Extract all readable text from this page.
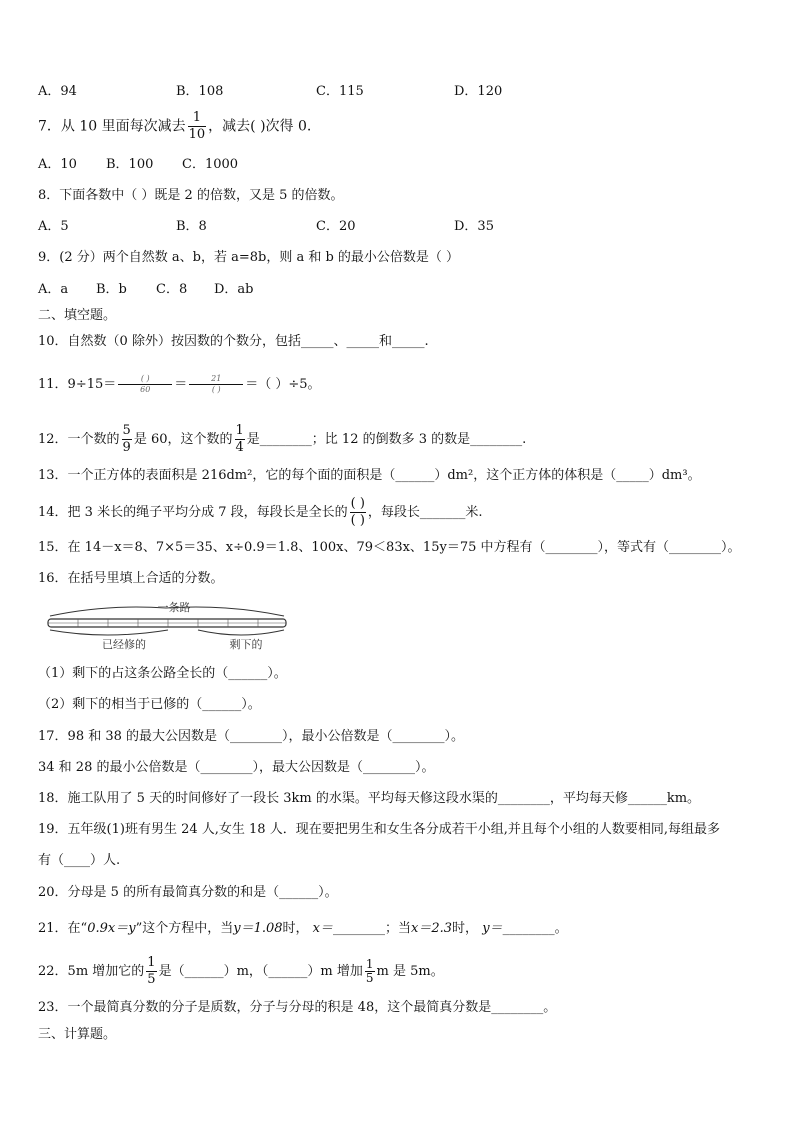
A．94	B．108	C．115	D．120
7．从 10 里面每次减去 $\frac{1}{10}$ ，减去( )次得 0.
A．10 B．100 C．1000
8．下面各数中（ ）既是 2 的倍数，又是 5 的倍数。
A．5	B．8	C．20	D．35
9．(2 分）两个自然数 a、b，若 a=8b，则 a 和 b 的最小公倍数是（ ）
A．a B．b C．8 D．ab
二、填空题。
10．自然数（0 除外）按因数的个数分，包括_____、_____和_____.
11．$9\div 15= \frac{( )}{60} = \frac{21}{( )}$ ＝（ ）÷5。
12．一个数的 $\frac{5}{9}$ 是 60，这个数的 $\frac{1}{4}$ 是________；比 12 的倒数多 3 的数是________.
13．一个正方体的表面积是 216dm²，它的每个面的面积是（______）dm²，这个正方体的体积是（_____）dm³。
14．把 3 米长的绳子平均分成 7 段，每段长是全长的 $\frac{( )}{( )}$ ，每段长_______米.
15．在 14－x＝8、7×5＝35、x÷0.9＝1.8、100x、79＜83x、15y＝75 中方程有（________），等式有（________）。
16．在括号里填上合适的分数。
一条路
已经修的	剩下的
（1）剩下的占这条公路全长的（______）。
（2）剩下的相当于已修的（______）。
17．98 和 38 的最大公因数是（________），最小公倍数是（________）。
34 和 28 的最小公倍数是（________），最大公因数是（________）。
18．施工队用了 5 天的时间修好了一段长 3km 的水渠。平均每天修这段水渠的________，平均每天修______km。
19．五年级(1)班有男生 24 人,女生 18 人．现在要把男生和女生各分成若干小组,并且每个小组的人数要相同,每组最多
有（____）人.
20．分母是 5 的所有最简真分数的和是（______）。
21．在“0.9x＝y”这个方程中，当y＝1.08时， x＝________；当x＝2.3时， y＝________。
22．5m 增加它的 $\frac{1}{5}$ 是（______）m，（______）m 增加 $\frac{1}{5}$ m 是 5m。
23．一个最简真分数的分子是质数，分子与分母的积是 48，这个最简真分数是________。
三、计算题。
